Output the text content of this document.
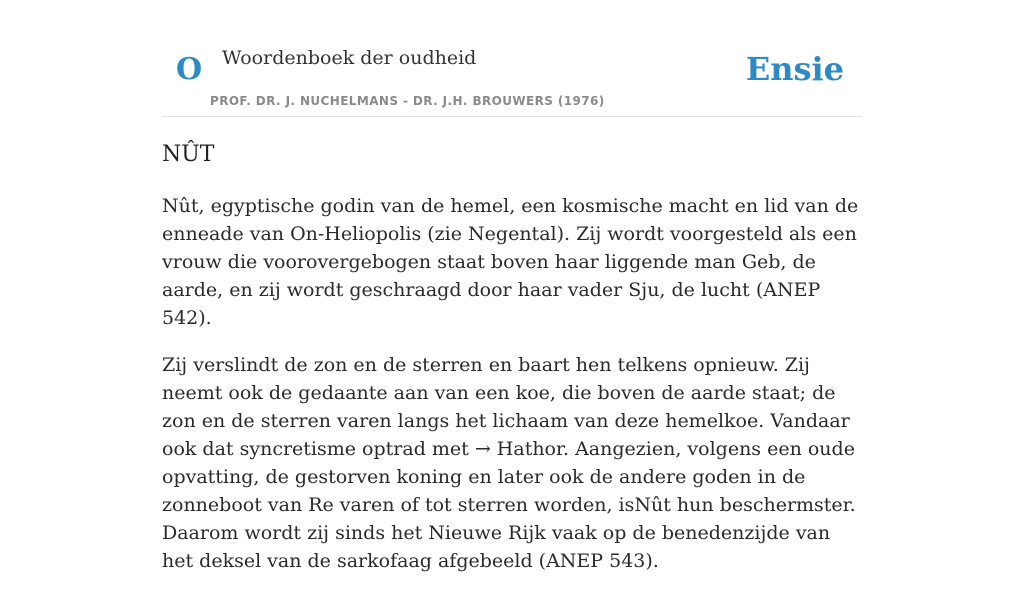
O Woordenboek der oudheid
PROF. DR. J. NUCHELMANS - DR. J.H. BROUWERS (1976)
Ensie
NÛT

Nût, egyptische godin van de hemel, een kosmische macht en lid van de enneade van On-Heliopolis (zie Negental). Zij wordt voorgesteld als een vrouw die voorovergebogen staat boven haar liggende man Geb, de aarde, en zij wordt geschraagd door haar vader Sju, de lucht (ANEP 542).

Zij verslindt de zon en de sterren en baart hen telkens opnieuw. Zij neemt ook de gedaante aan van een koe, die boven de aarde staat; de zon en de sterren varen langs het lichaam van deze hemelkoe. Vandaar ook dat syncretisme optrad met → Hathor. Aangezien, volgens een oude opvatting, de gestorven koning en later ook de andere goden in de zonneboot van Re varen of tot sterren worden, isNût hun beschermster. Daarom wordt zij sinds het Nieuwe Rijk vaak op de benedenzijde van het deksel van de sarkofaag afgebeeld (ANEP 543).
